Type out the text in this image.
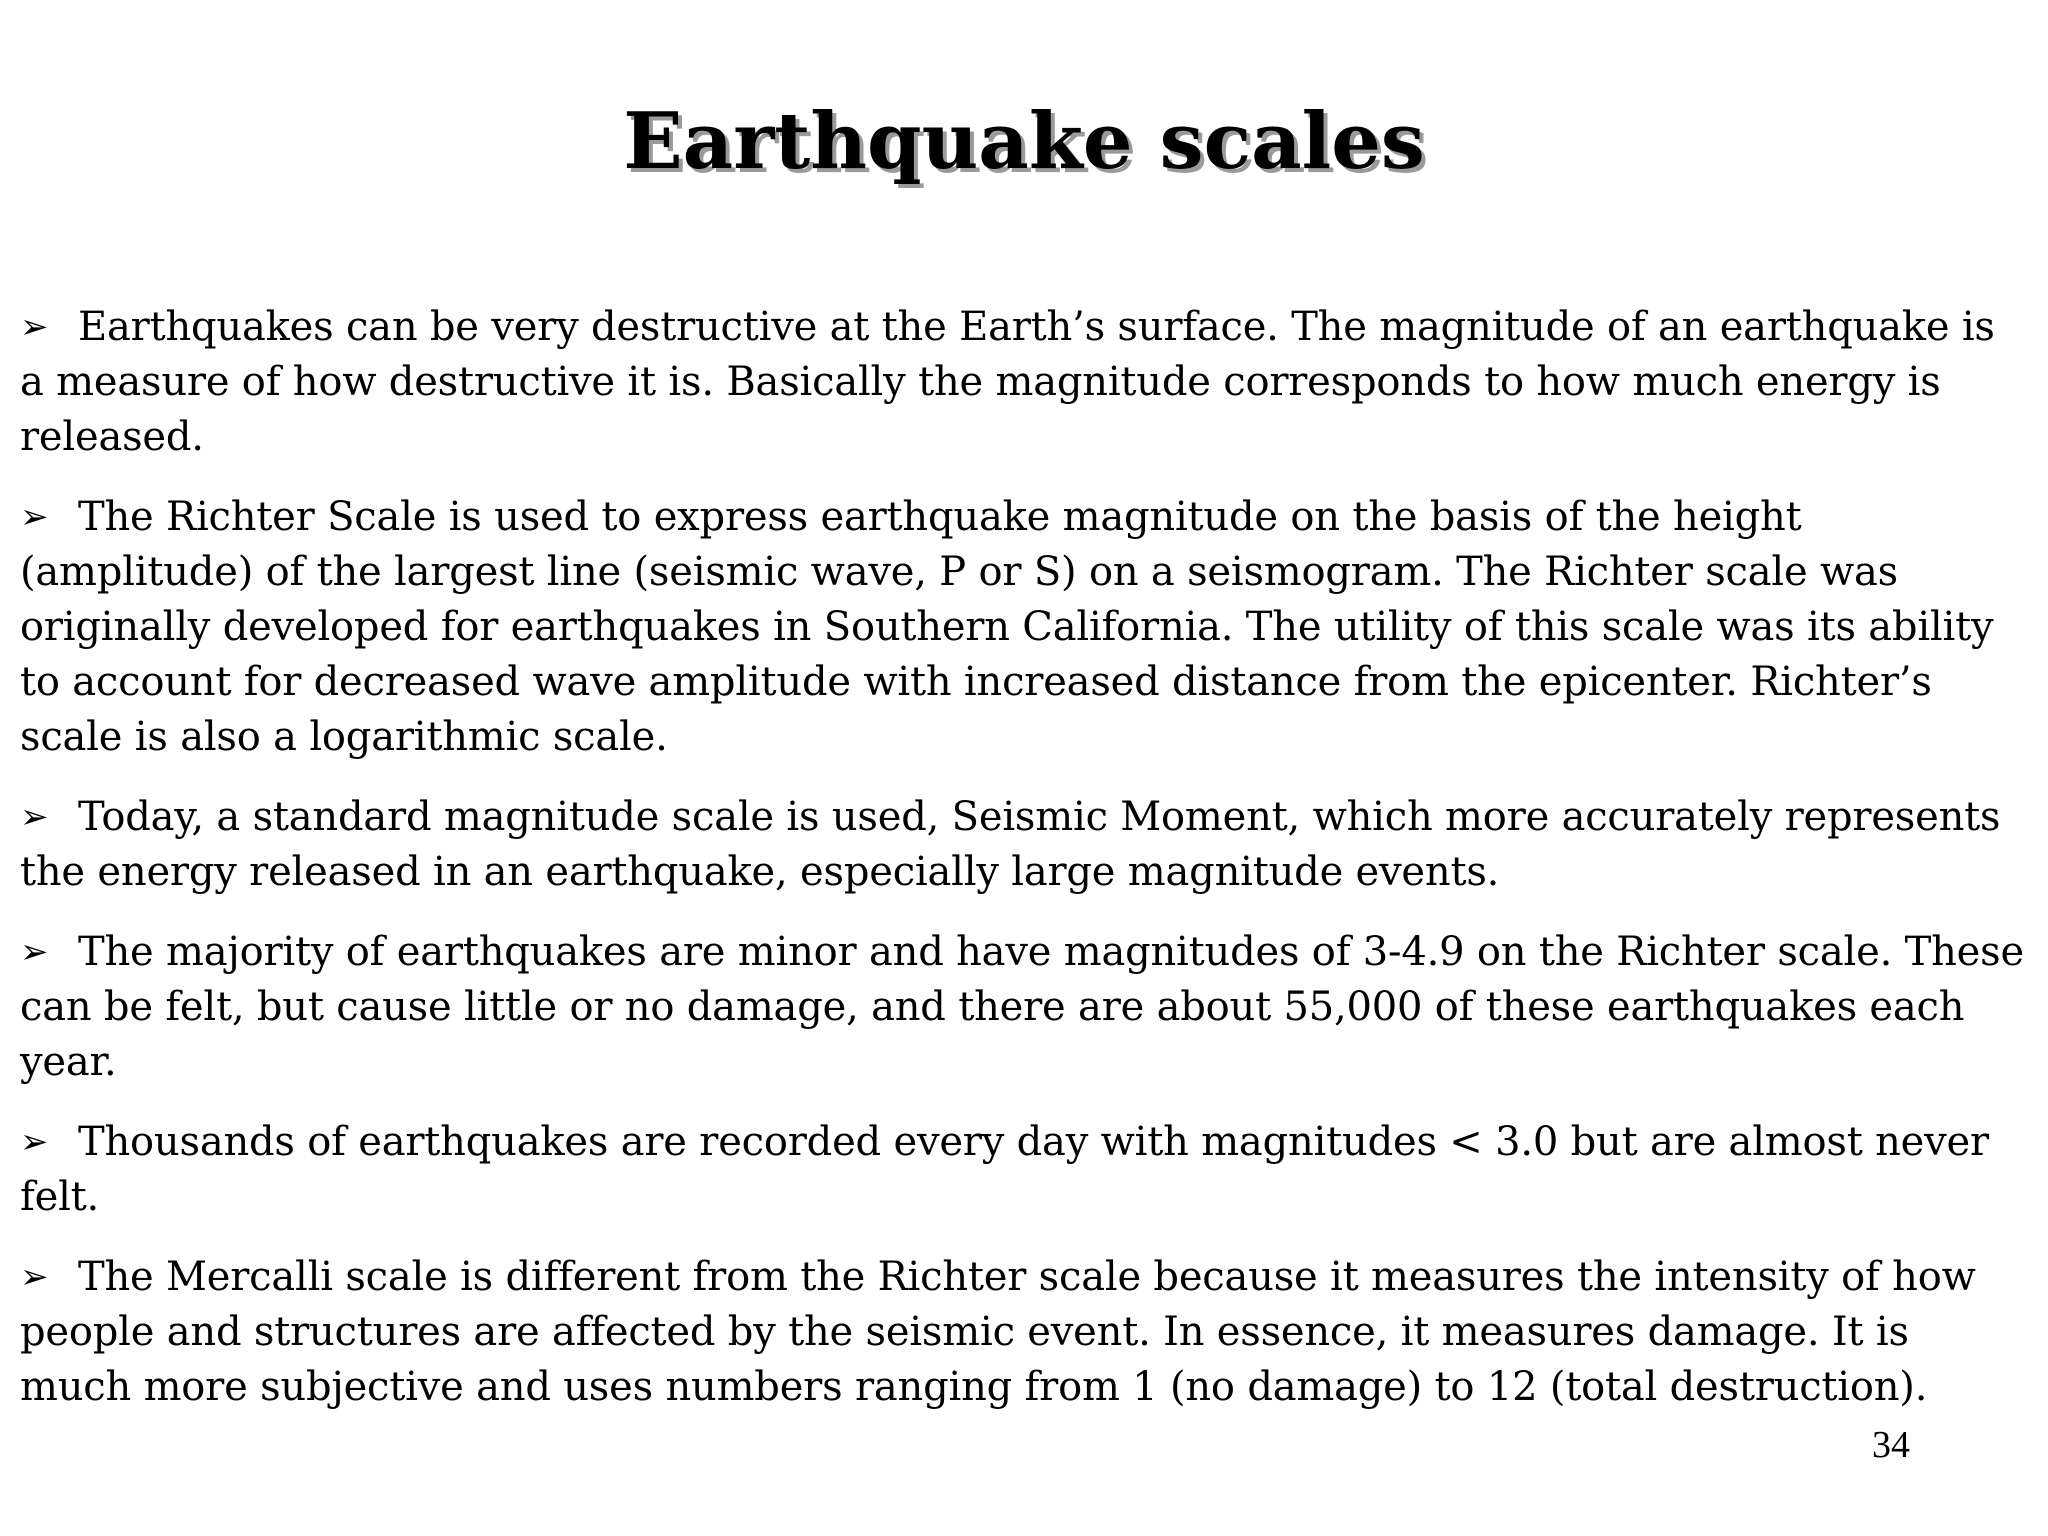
Earthquake scales
➢ Earthquakes can be very destructive at the Earth’s surface. The magnitude of an earthquake is a measure of how destructive it is. Basically the magnitude corresponds to how much energy is released.
➢ The Richter Scale is used to express earthquake magnitude on the basis of the height (amplitude) of the largest line (seismic wave, P or S) on a seismogram. The Richter scale was originally developed for earthquakes in Southern California. The utility of this scale was its ability to account for decreased wave amplitude with increased distance from the epicenter. Richter’s scale is also a logarithmic scale.
➢ Today, a standard magnitude scale is used, Seismic Moment, which more accurately represents the energy released in an earthquake, especially large magnitude events.
➢ The majority of earthquakes are minor and have magnitudes of 3-4.9 on the Richter scale. These can be felt, but cause little or no damage, and there are about 55,000 of these earthquakes each year.
➢ Thousands of earthquakes are recorded every day with magnitudes < 3.0 but are almost never felt.
➢ The Mercalli scale is different from the Richter scale because it measures the intensity of how people and structures are affected by the seismic event. In essence, it measures damage. It is much more subjective and uses numbers ranging from 1 (no damage) to 12 (total destruction).
34
